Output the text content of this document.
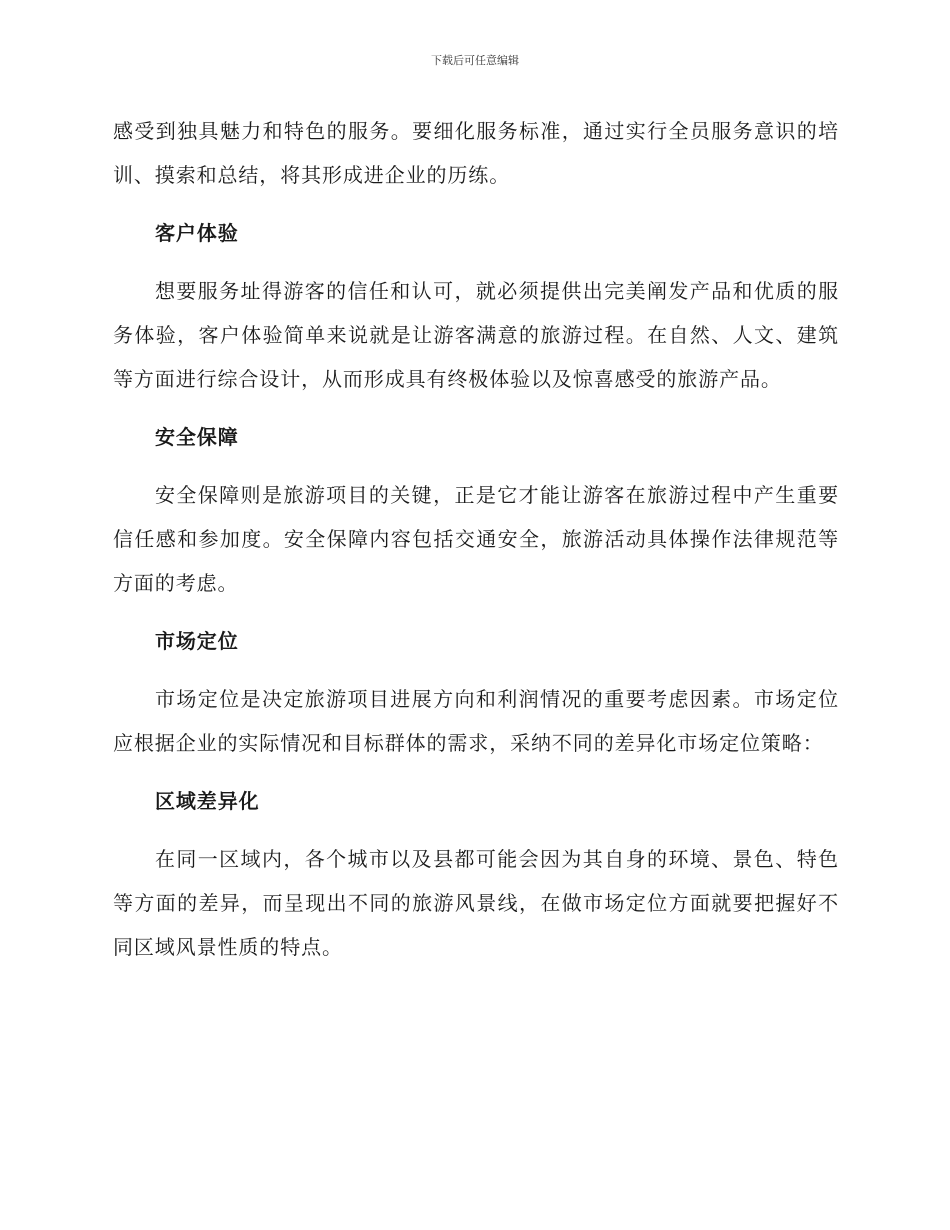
下载后可任意编辑

感受到独具魅力和特色的服务。要细化服务标准，通过实行全员服务意识的培训、摸索和总结，将其形成进企业的历练。

客户体验

想要服务址得游客的信任和认可，就必须提供出完美阐发产品和优质的服务体验，客户体验简单来说就是让游客满意的旅游过程。在自然、人文、建筑等方面进行综合设计，从而形成具有终极体验以及惊喜感受的旅游产品。

安全保障

安全保障则是旅游项目的关键，正是它才能让游客在旅游过程中产生重要信任感和参加度。安全保障内容包括交通安全，旅游活动具体操作法律规范等方面的考虑。

市场定位

市场定位是决定旅游项目进展方向和利润情况的重要考虑因素。市场定位应根据企业的实际情况和目标群体的需求，采纳不同的差异化市场定位策略：

区域差异化

在同一区域内，各个城市以及县都可能会因为其自身的环境、景色、特色等方面的差异，而呈现出不同的旅游风景线，在做市场定位方面就要把握好不同区域风景性质的特点。
